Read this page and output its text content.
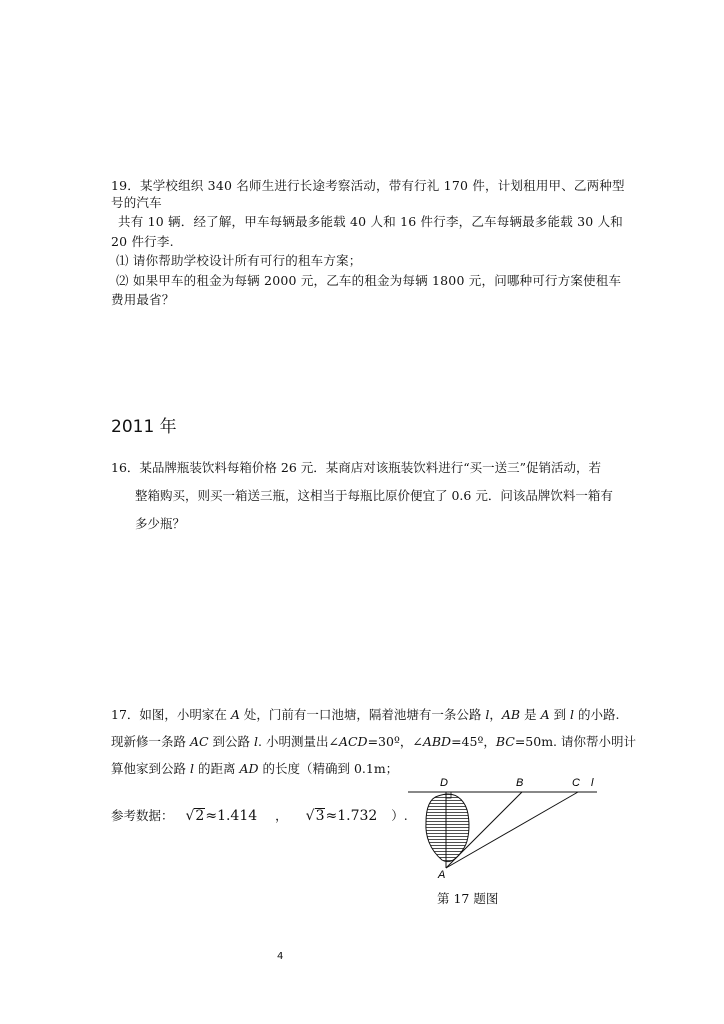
19．某学校组织 340 名师生进行长途考察活动，带有行礼 170 件，计划租用甲、乙两种型
号的汽车
共有 10 辆．经了解，甲车每辆最多能载 40 人和 16 件行李，乙车每辆最多能载 30 人和
20 件行李.
⑴ 请你帮助学校设计所有可行的租车方案；
⑵ 如果甲车的租金为每辆 2000 元，乙车的租金为每辆 1800 元，问哪种可行方案使租车
费用最省？
2011 年
16．某品牌瓶装饮料每箱价格 26 元．某商店对该瓶装饮料进行“买一送三”促销活动，若
整箱购买，则买一箱送三瓶，这相当于每瓶比原价便宜了 0.6 元．问该品牌饮料一箱有
多少瓶？
17．如图，小明家在 A 处，门前有一口池塘，隔着池塘有一条公路 l，AB 是 A 到 l 的小路.
现新修一条路 AC 到公路 l. 小明测量出∠ACD=30º，∠ABD=45º，BC=50m. 请你帮小明计
算他家到公路 l 的距离 AD 的长度（精确到 0.1m；
参考数据： √2≈1.414 ， √3≈1.732 ）.
D	B	C l
A
第 17 题图
4
